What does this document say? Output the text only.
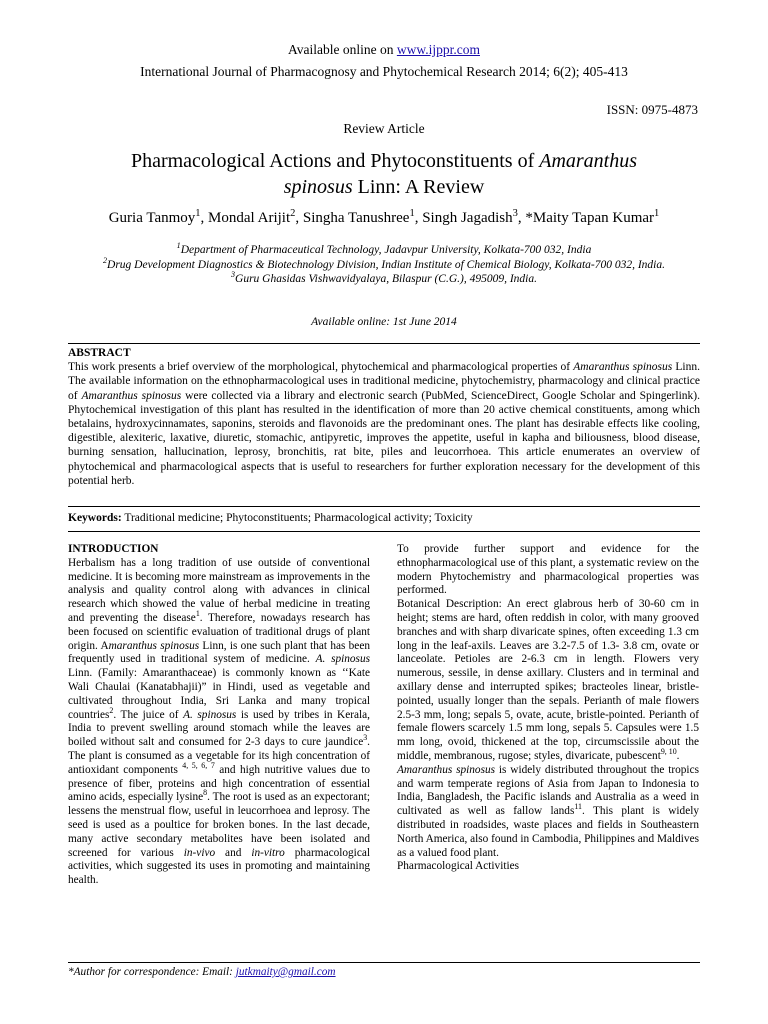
Available online on www.ijppr.com
International Journal of Pharmacognosy and Phytochemical Research 2014; 6(2); 405-413
ISSN: 0975-4873
Review Article
Pharmacological Actions and Phytoconstituents of Amaranthus
spinosus Linn: A Review
Guria Tanmoy$^1$, Mondal Arijit$^2$, Singha Tanushree$^1$, Singh Jagadish$^3$, *Maity Tapan Kumar$^1$
$^1$Department of Pharmaceutical Technology, Jadavpur University, Kolkata-700 032, India
$^2$Drug Development Diagnostics & Biotechnology Division, Indian Institute of Chemical Biology, Kolkata-700 032, India.
$^3$Guru Ghasidas Vishwavidyalaya, Bilaspur (C.G.), 495009, India.
Available online: 1st June 2014
ABSTRACT
This work presents a brief overview of the morphological, phytochemical and pharmacological properties of Amaranthus spinosus Linn. The available information on the ethnopharmacological uses in traditional medicine, phytochemistry, pharmacology and clinical practice of Amaranthus spinosus were collected via a library and electronic search (PubMed, ScienceDirect, Google Scholar and Spingerlink). Phytochemical investigation of this plant has resulted in the identification of more than 20 active chemical constituents, among which betalains, hydroxycinnamates, saponins, steroids and flavonoids are the predominant ones. The plant has desirable effects like cooling, digestible, alexiteric, laxative, diuretic, stomachic, antipyretic, improves the appetite, useful in kapha and biliousness, blood disease, burning sensation, hallucination, leprosy, bronchitis, rat bite, piles and leucorrhoea. This article enumerates an overview of phytochemical and pharmacological aspects that is useful to researchers for further exploration necessary for the development of this potential herb.
Keywords: Traditional medicine; Phytoconstituents; Pharmacological activity; Toxicity

INTRODUCTION

Herbalism has a long tradition of use outside of conventional medicine. It is becoming more mainstream as improvements in the analysis and quality control along with advances in clinical research which showed the value of herbal medicine in treating and preventing the disease$^1$. Therefore, nowadays research has been focused on scientific evaluation of traditional drugs of plant origin. Amaranthus spinosus Linn, is one such plant that has been frequently used in traditional system of medicine. A. spinosus Linn. (Family: Amaranthaceae) is commonly known as ‘‘Kate Wali Chaulai (Kanatabhajii)” in Hindi, used as vegetable and cultivated throughout India, Sri Lanka and many tropical countries$^2$. The juice of A. spinosus is used by tribes in Kerala, India to prevent swelling around stomach while the leaves are boiled without salt and consumed for 2-3 days to cure jaundice$^3$. The plant is consumed as a vegetable for its high concentration of antioxidant components $^{4, 5, 6, 7}$ and high nutritive values due to presence of fiber, proteins and high concentration of essential amino acids, especially lysine$^8$. The root is used as an expectorant; lessens the menstrual flow, useful in leucorrhoea and leprosy. The seed is used as a poultice for broken bones. In the last decade, many active secondary metabolites have been isolated and screened for various in-vivo and in-vitro pharmacological activities, which suggested its uses in promoting and maintaining health.

To provide further support and evidence for the ethnopharmacological use of this plant, a systematic review on the modern Phytochemistry and pharmacological properties was performed.

Botanical Description: An erect glabrous herb of 30-60 cm in height; stems are hard, often reddish in color, with many grooved branches and with sharp divaricate spines, often exceeding 1.3 cm long in the leaf-axils. Leaves are 3.2-7.5 of 1.3- 3.8 cm, ovate or lanceolate. Petioles are 2-6.3 cm in length. Flowers very numerous, sessile, in dense axillary. Clusters and in terminal and axillary dense and interrupted spikes; bracteoles linear, bristle-pointed, usually longer than the sepals. Perianth of male flowers 2.5-3 mm, long; sepals 5, ovate, acute, bristle-pointed. Perianth of female flowers scarcely 1.5 mm long, sepals 5. Capsules were 1.5 mm long, ovoid, thickened at the top, circumscissile about the middle, membranous, rugose; styles, divaricate, pubescent$^{9, 10}$.

Amaranthus spinosus is widely distributed throughout the tropics and warm temperate regions of Asia from Japan to Indonesia to India, Bangladesh, the Pacific islands and Australia as a weed in cultivated as well as fallow lands$^{11}$. This plant is widely distributed in roadsides, waste places and fields in Southeastern North America, also found in Cambodia, Philippines and Maldives as a valued food plant.

Pharmacological Activities

*Author for correspondence: Email: jutkmaity@gmail.com
